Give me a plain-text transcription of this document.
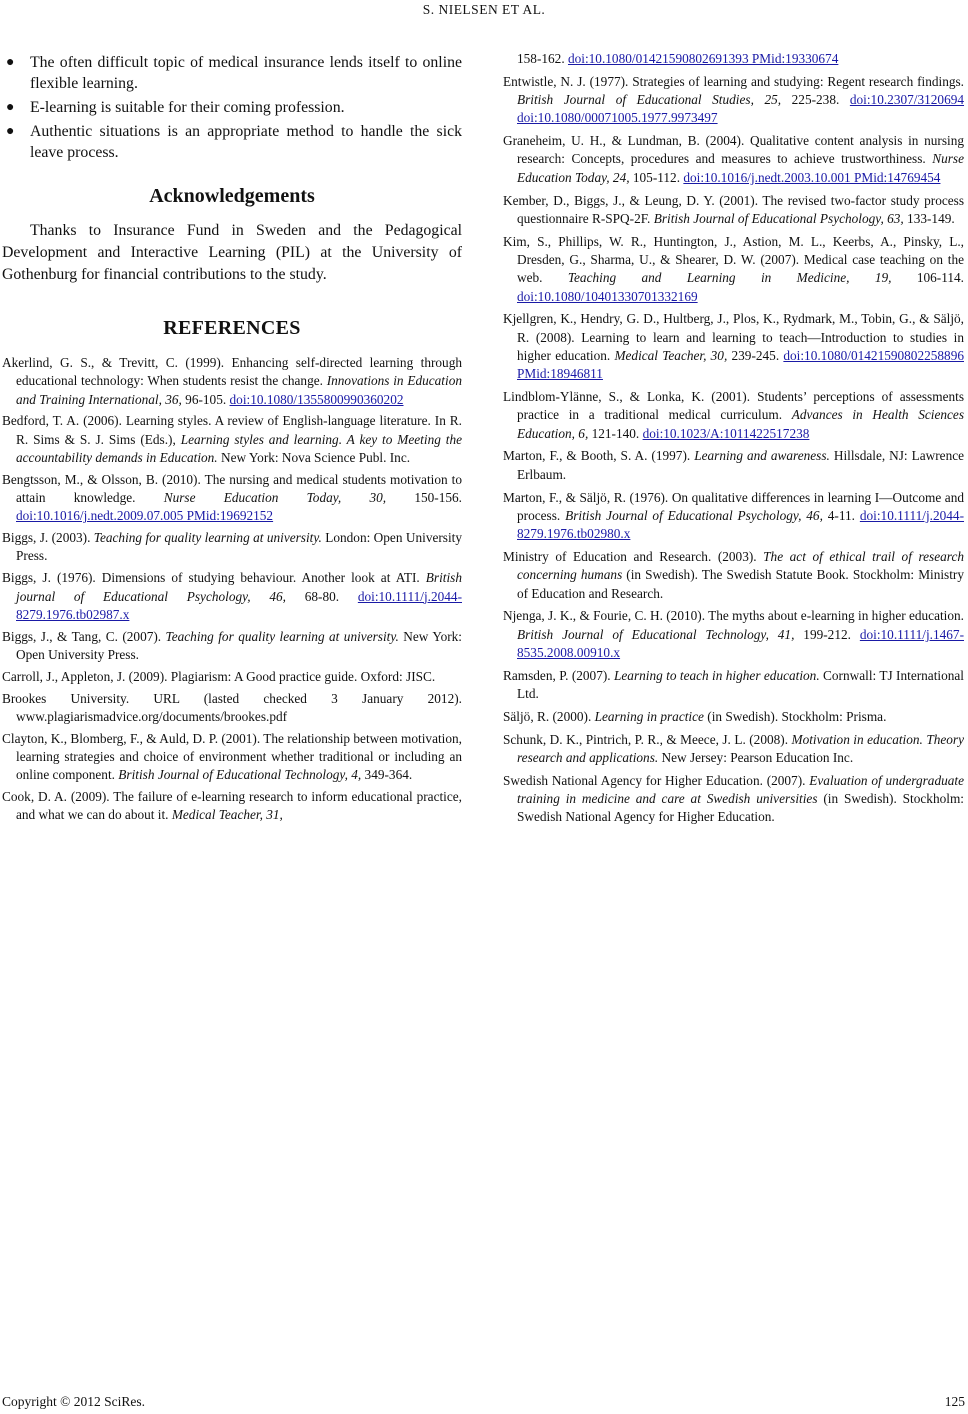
S. NIELSEN ET AL.
● The often difficult topic of medical insurance lends itself to online flexible learning.
● E-learning is suitable for their coming profession.
● Authentic situations is an appropriate method to handle the sick leave process.
Acknowledgements

Thanks to Insurance Fund in Sweden and the Pedagogical Development and Interactive Learning (PIL) at the University of Gothenburg for financial contributions to the study.

REFERENCES

Akerlind, G. S., & Trevitt, C. (1999). Enhancing self-directed learning through educational technology: When students resist the change. Innovations in Education and Training International, 36, 96-105. doi:10.1080/1355800990360202

Bedford, T. A. (2006). Learning styles. A review of English-language literature. In R. R. Sims & S. J. Sims (Eds.), Learning styles and learning. A key to Meeting the accountability demands in Education. New York: Nova Science Publ. Inc.

Bengtsson, M., & Olsson, B. (2010). The nursing and medical students motivation to attain knowledge. Nurse Education Today, 30, 150-156. doi:10.1016/j.nedt.2009.07.005 PMid:19692152

Biggs, J. (2003). Teaching for quality learning at university. London: Open University Press.

Biggs, J. (1976). Dimensions of studying behaviour. Another look at ATI. British journal of Educational Psychology, 46, 68-80. doi:10.1111/j.2044-8279.1976.tb02987.x

Biggs, J., & Tang, C. (2007). Teaching for quality learning at university. New York: Open University Press.

Carroll, J., Appleton, J. (2009). Plagiarism: A Good practice guide. Oxford: JISC.

Brookes University. URL (lasted checked 3 January 2012). www.plagiarismadvice.org/documents/brookes.pdf

Clayton, K., Blomberg, F., & Auld, D. P. (2001). The relationship between motivation, learning strategies and choice of environment whether traditional or including an online component. British Journal of Educational Technology, 4, 349-364.

Cook, D. A. (2009). The failure of e-learning research to inform educational practice, and what we can do about it. Medical Teacher, 31,

158-162. doi:10.1080/01421590802691393 PMid:19330674

Entwistle, N. J. (1977). Strategies of learning and studying: Regent research findings. British Journal of Educational Studies, 25, 225-238. doi:10.2307/3120694 doi:10.1080/00071005.1977.9973497

Graneheim, U. H., & Lundman, B. (2004). Qualitative content analysis in nursing research: Concepts, procedures and measures to achieve trustworthiness. Nurse Education Today, 24, 105-112. doi:10.1016/j.nedt.2003.10.001 PMid:14769454

Kember, D., Biggs, J., & Leung, D. Y. (2001). The revised two-factor study process questionnaire R-SPQ-2F. British Journal of Educational Psychology, 63, 133-149.

Kim, S., Phillips, W. R., Huntington, J., Astion, M. L., Keerbs, A., Pinsky, L., Dresden, G., Sharma, U., & Shearer, D. W. (2007). Medical case teaching on the web. Teaching and Learning in Medicine, 19, 106-114. doi:10.1080/10401330701332169

Kjellgren, K., Hendry, G. D., Hultberg, J., Plos, K., Rydmark, M., Tobin, G., & Säljö, R. (2008). Learning to learn and learning to teach—Introduction to studies in higher education. Medical Teacher, 30, 239-245. doi:10.1080/01421590802258896 PMid:18946811

Lindblom-Ylänne, S., & Lonka, K. (2001). Students’ perceptions of assessments practice in a traditional medical curriculum. Advances in Health Sciences Education, 6, 121-140. doi:10.1023/A:1011422517238

Marton, F., & Booth, S. A. (1997). Learning and awareness. Hillsdale, NJ: Lawrence Erlbaum.

Marton, F., & Säljö, R. (1976). On qualitative differences in learning I—Outcome and process. British Journal of Educational Psychology, 46, 4-11. doi:10.1111/j.2044-8279.1976.tb02980.x

Ministry of Education and Research. (2003). The act of ethical trail of research concerning humans (in Swedish). The Swedish Statute Book. Stockholm: Ministry of Education and Research.

Njenga, J. K., & Fourie, C. H. (2010). The myths about e-learning in higher education. British Journal of Educational Technology, 41, 199-212. doi:10.1111/j.1467-8535.2008.00910.x

Ramsden, P. (2007). Learning to teach in higher education. Cornwall: TJ International Ltd.

Säljö, R. (2000). Learning in practice (in Swedish). Stockholm: Prisma.

Schunk, D. K., Pintrich, P. R., & Meece, J. L. (2008). Motivation in education. Theory research and applications. New Jersey: Pearson Education Inc.

Swedish National Agency for Higher Education. (2007). Evaluation of undergraduate training in medicine and care at Swedish universities (in Swedish). Stockholm: Swedish National Agency for Higher Education.

Copyright © 2012 SciRes.	125
